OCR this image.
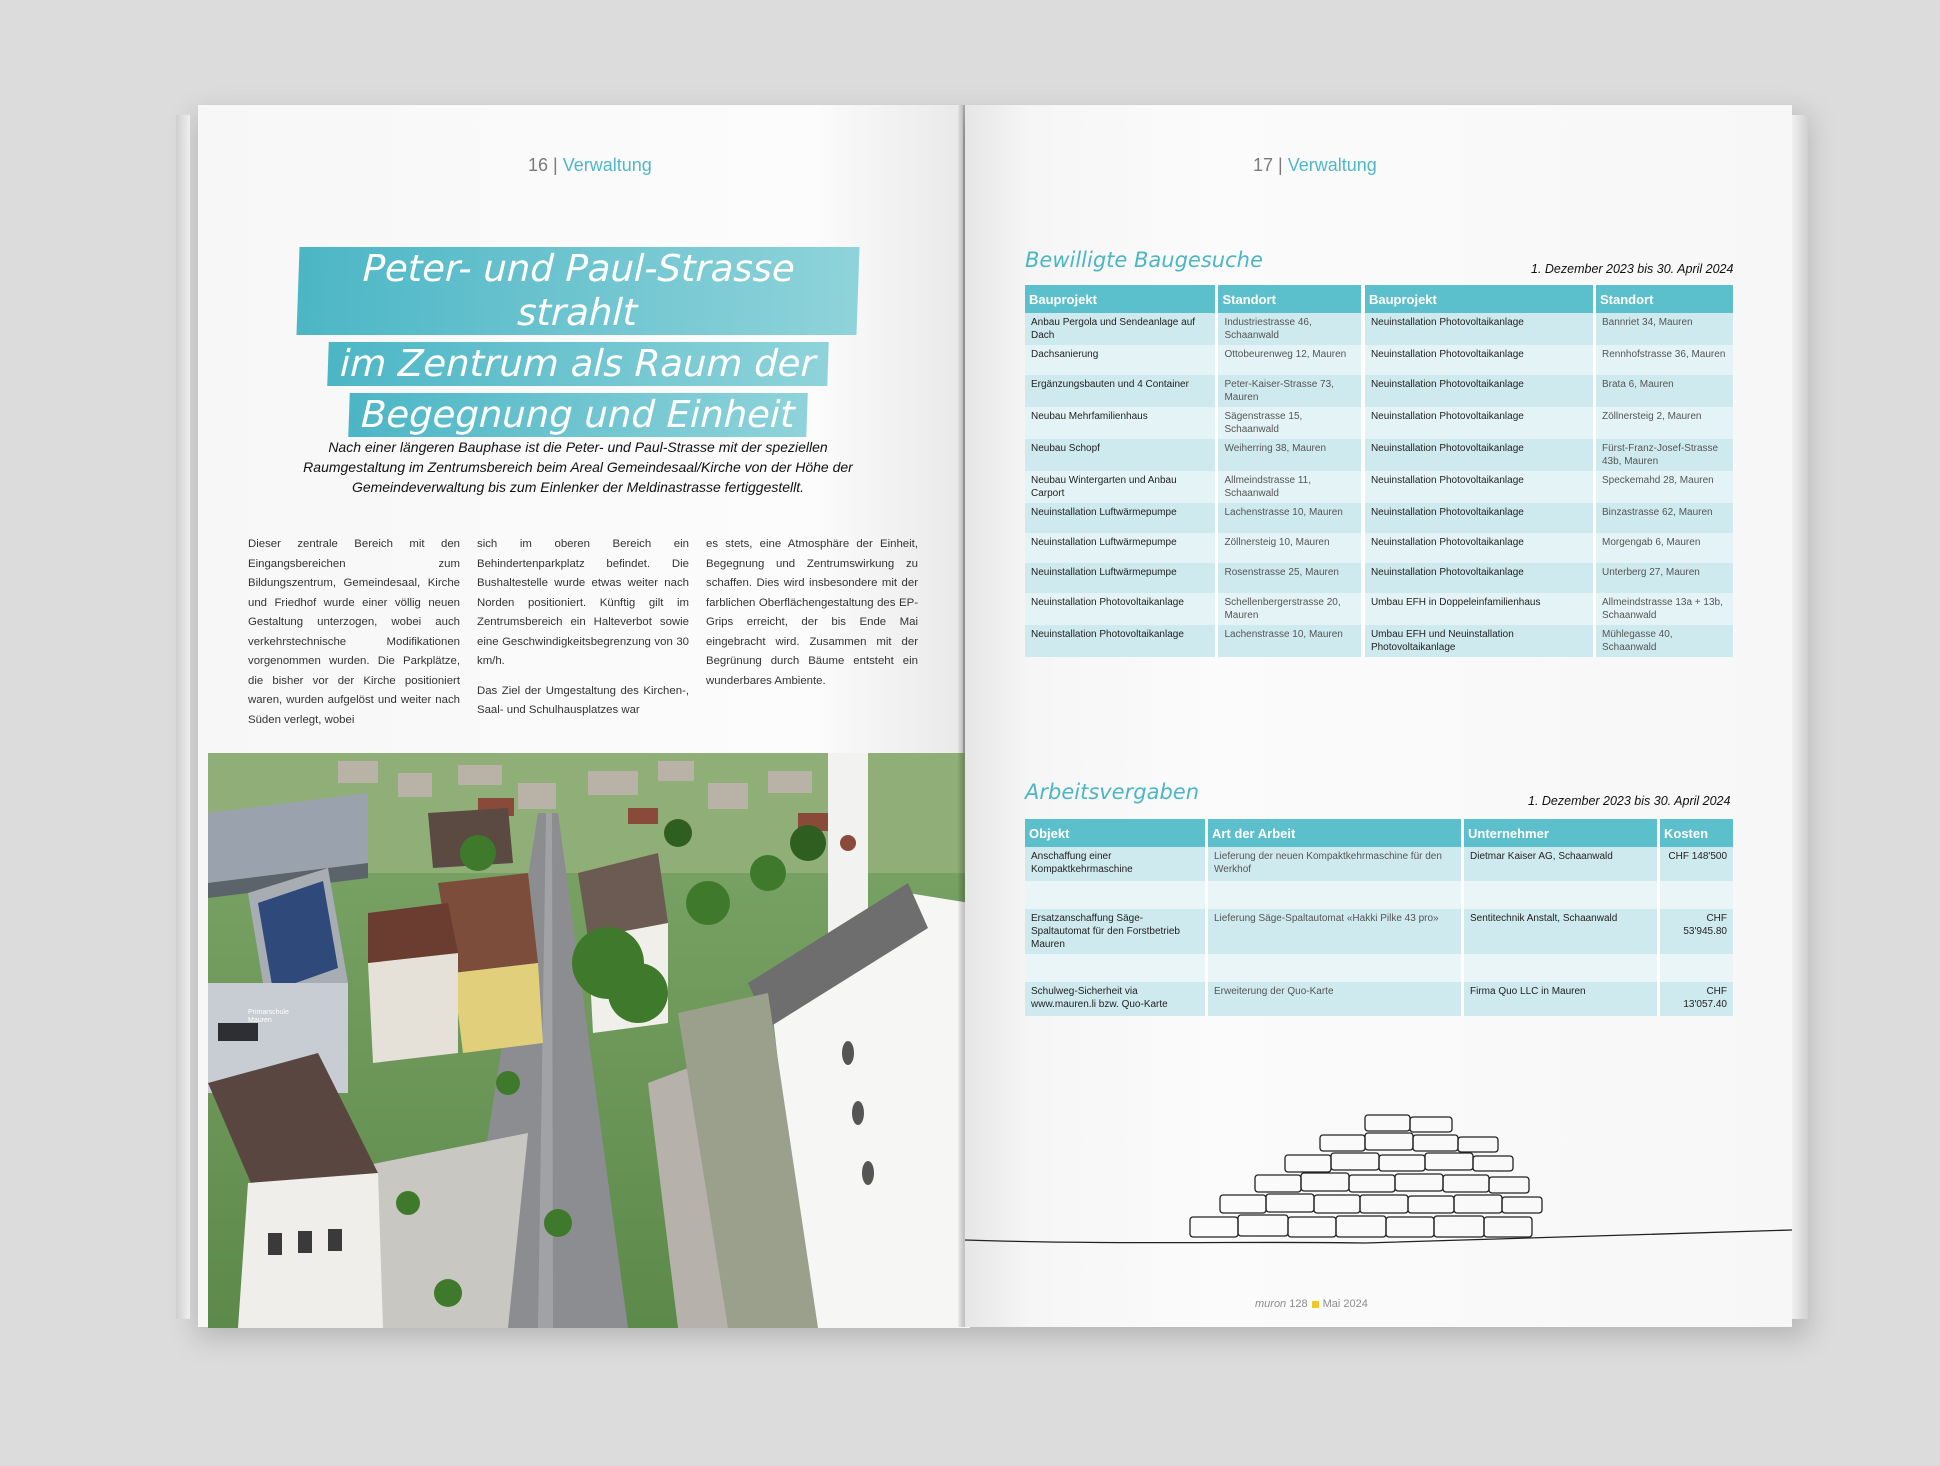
16 | Verwaltung
Peter- und Paul-Strasse strahlt
im Zentrum als Raum der
Begegnung und Einheit
Nach einer längeren Bauphase ist die Peter- und Paul-Strasse mit der speziellen Raumgestaltung im Zentrumsbereich beim Areal Gemeindesaal/Kirche von der Höhe der Gemeindeverwaltung bis zum Einlenker der Meldinastrasse fertiggestellt.

Dieser zentrale Bereich mit den Eingangsbereichen zum Bildungszentrum, Gemeindesaal, Kirche und Friedhof wurde einer völlig neuen Gestaltung unterzogen, wobei auch verkehrstechnische Modifikationen vorgenommen wurden. Die Parkplätze, die bisher vor der Kirche positioniert waren, wurden aufgelöst und weiter nach Süden verlegt, wobei

sich im oberen Bereich ein Behindertenparkplatz befindet. Die Bushaltestelle wurde etwas weiter nach Norden positioniert. Künftig gilt im Zentrumsbereich ein Halteverbot sowie eine Geschwindigkeitsbegrenzung von 30 km/h.

Das Ziel der Umgestaltung des Kirchen-, Saal- und Schulhausplatzes war

es stets, eine Atmosphäre der Einheit, Begegnung und Zentrumswirkung zu schaffen. Dies wird insbesondere mit der farblichen Oberflächengestaltung des EP-Grips erreicht, der bis Ende Mai eingebracht wird. Zusammen mit der Begrünung durch Bäume entsteht ein wunderbares Ambiente.

Primarschule Mauren
17 | Verwaltung
Bewilligte Baugesuche	1. Dezember 2023 bis 30. April 2024
Bauprojekt	Standort	Bauprojekt	Standort
Anbau Pergola und Sendeanlage auf Dach	Industriestrasse 46, Schaanwald	Neuinstallation Photovoltaikanlage	Bannriet 34, Mauren
Dachsanierung	Ottobeurenweg 12, Mauren	Neuinstallation Photovoltaikanlage	Rennhofstrasse 36, Mauren
Ergänzungsbauten und 4 Container	Peter-Kaiser-Strasse 73, Mauren	Neuinstallation Photovoltaikanlage	Brata 6, Mauren
Neubau Mehrfamilienhaus	Sägenstrasse 15, Schaanwald	Neuinstallation Photovoltaikanlage	Zöllnersteig 2, Mauren
Neubau Schopf	Weiherring 38, Mauren	Neuinstallation Photovoltaikanlage	Fürst-Franz-Josef-Strasse 43b, Mauren
Neubau Wintergarten und Anbau Carport	Allmeindstrasse 11, Schaanwald	Neuinstallation Photovoltaikanlage	Speckemahd 28, Mauren
Neuinstallation Luftwärmepumpe	Lachenstrasse 10, Mauren	Neuinstallation Photovoltaikanlage	Binzastrasse 62, Mauren
Neuinstallation Luftwärmepumpe	Zöllnersteig 10, Mauren	Neuinstallation Photovoltaikanlage	Morgengab 6, Mauren
Neuinstallation Luftwärmepumpe	Rosenstrasse 25, Mauren	Neuinstallation Photovoltaikanlage	Unterberg 27, Mauren
Neuinstallation Photovoltaikanlage	Schellenbergerstrasse 20, Mauren	Umbau EFH in Doppeleinfamilienhaus	Allmeindstrasse 13a + 13b, Schaanwald
Neuinstallation Photovoltaikanlage	Lachenstrasse 10, Mauren	Umbau EFH und Neuinstallation Photovoltaikanlage	Mühlegasse 40, Schaanwald
Arbeitsvergaben	1. Dezember 2023 bis 30. April 2024
Objekt	Art der Arbeit	Unternehmer	Kosten
Anschaffung einer Kompaktkehrmaschine	Lieferung der neuen Kompaktkehrmaschine für den Werkhof	Dietmar Kaiser AG, Schaanwald	CHF 148'500

Ersatzanschaffung Säge-Spaltautomat für den Forstbetrieb Mauren	Lieferung Säge-Spaltautomat «Hakki Pilke 43 pro»	Sentitechnik Anstalt, Schaanwald	CHF 53'945.80

Schulweg-Sicherheit via www.mauren.li bzw. Quo-Karte	Erweiterung der Quo-Karte	Firma Quo LLC in Mauren	CHF 13'057.40
muron 128 Mai 2024
